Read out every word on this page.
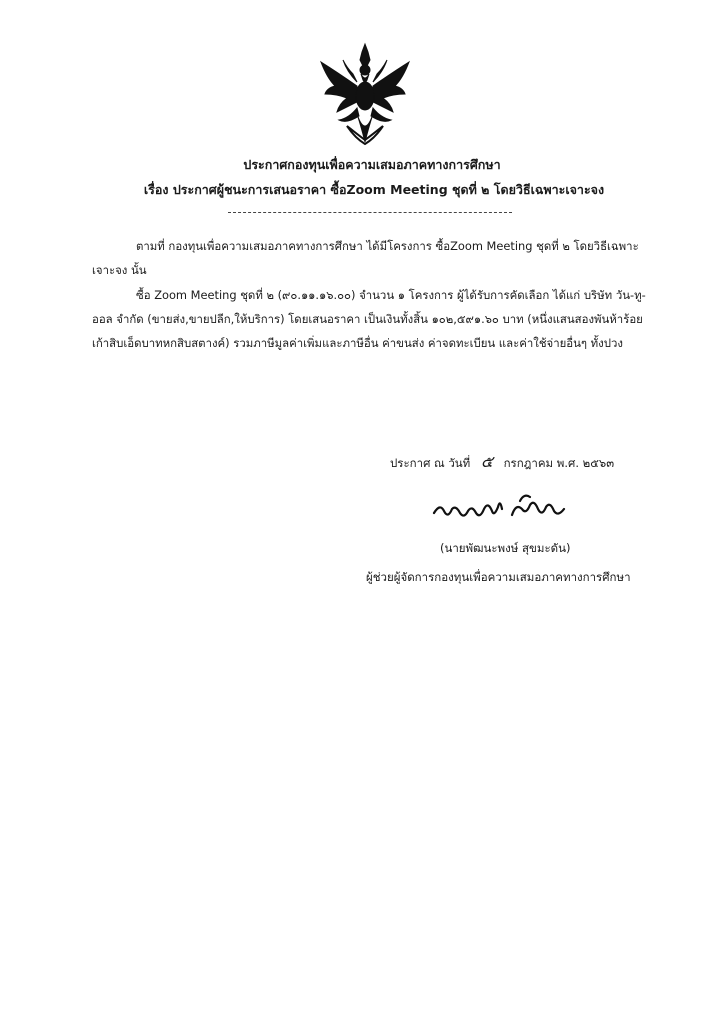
ประกาศกองทุนเพื่อความเสมอภาคทางการศึกษา
เรื่อง ประกาศผู้ชนะการเสนอราคา ซื้อZoom Meeting ชุดที่ ๒ โดยวิธีเฉพาะเจาะจง
ตามที่ กองทุนเพื่อความเสมอภาคทางการศึกษา ได้มีโครงการ ซื้อZoom Meeting ชุดที่ ๒ โดยวิธีเฉพาะเจาะจง นั้น
ซื้อ Zoom Meeting ชุดที่ ๒ (๙๐.๑๑.๑๖.๐๐) จำนวน ๑ โครงการ ผู้ได้รับการคัดเลือก ได้แก่ บริษัท วัน-ทู-ออล จำกัด (ขายส่ง,ขายปลีก,ให้บริการ) โดยเสนอราคา เป็นเงินทั้งสิ้น ๑๐๒,๕๙๑.๖๐ บาท (หนึ่งแสนสองพันห้าร้อยเก้าสิบเอ็ดบาทหกสิบสตางค์) รวมภาษีมูลค่าเพิ่มและภาษีอื่น ค่าขนส่ง ค่าจดทะเบียน และค่าใช้จ่ายอื่นๆ ทั้งปวง
ประกาศ ณ วันที่ ๕ กรกฎาคม พ.ศ. ๒๕๖๓
(นายพัฒนะพงษ์ สุขมะดัน)
ผู้ช่วยผู้จัดการกองทุนเพื่อความเสมอภาคทางการศึกษา
